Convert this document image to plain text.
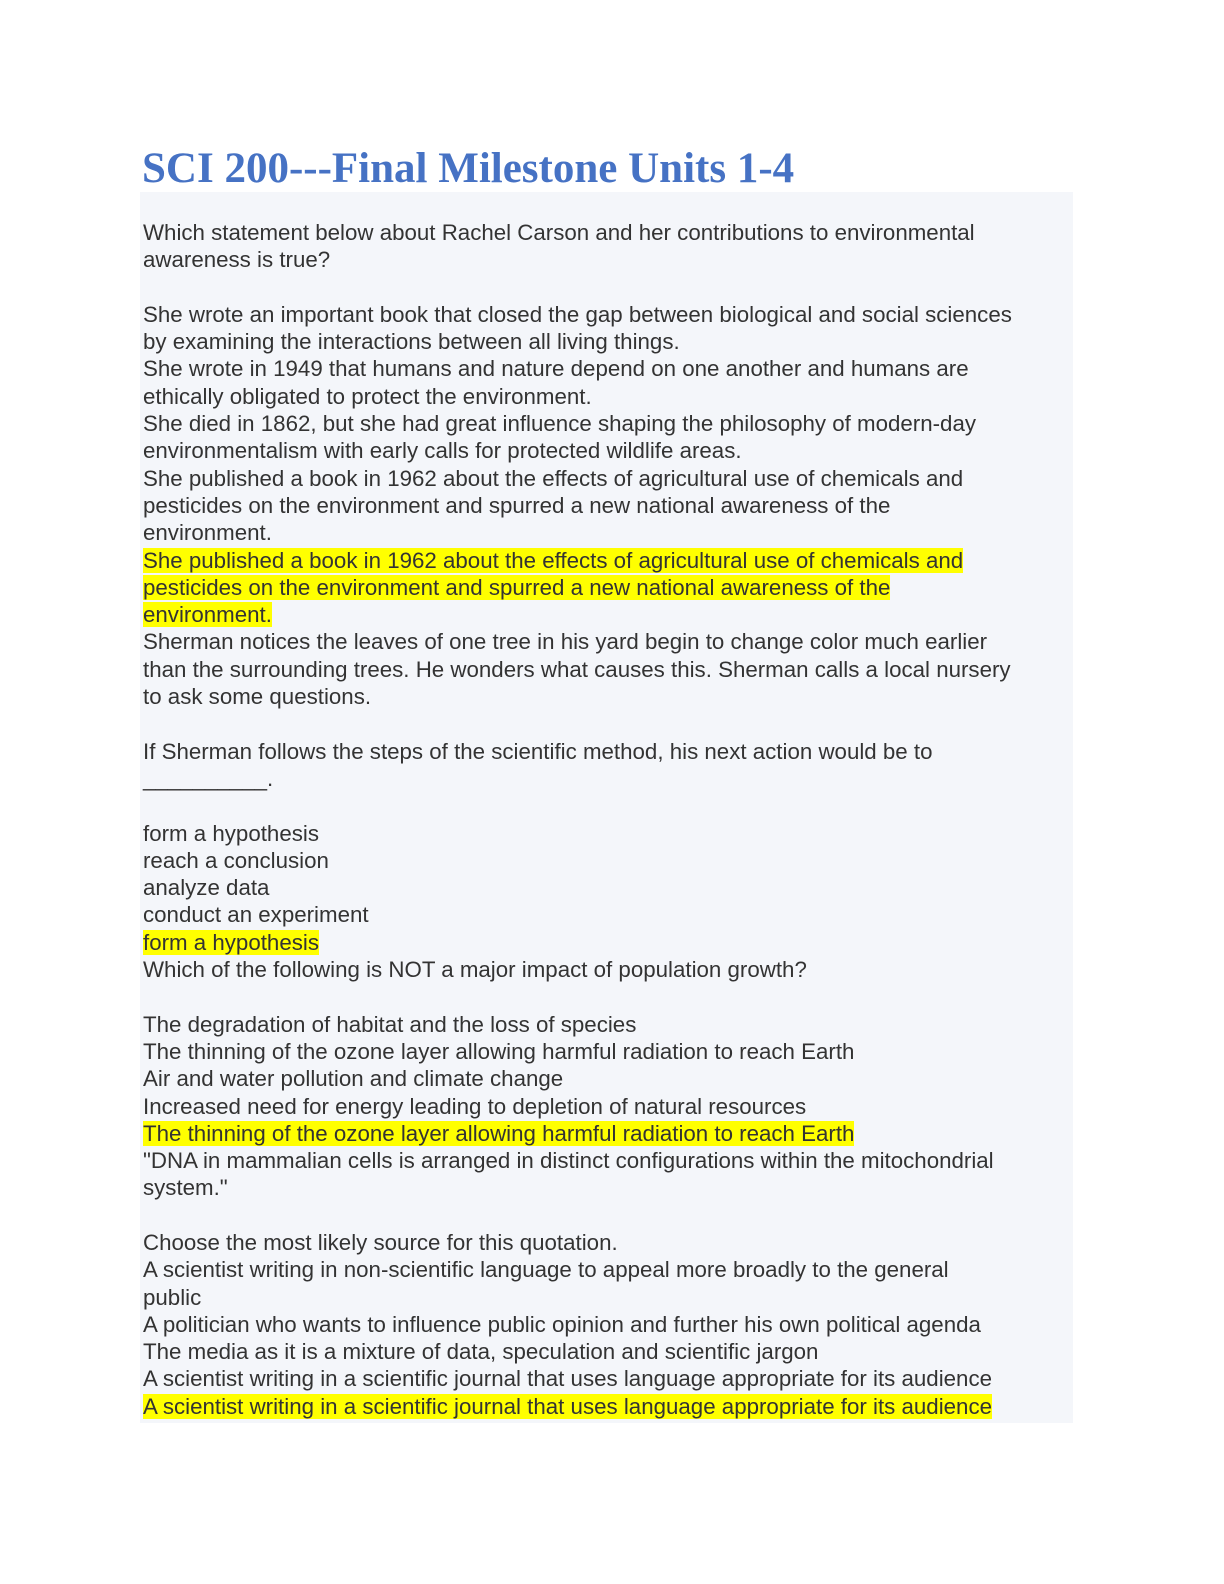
SCI 200---Final Milestone Units 1-4
Which statement below about Rachel Carson and her contributions to environmental
awareness is true?
She wrote an important book that closed the gap between biological and social sciences
by examining the interactions between all living things.
She wrote in 1949 that humans and nature depend on one another and humans are
ethically obligated to protect the environment.
She died in 1862, but she had great influence shaping the philosophy of modern-day
environmentalism with early calls for protected wildlife areas.
She published a book in 1962 about the effects of agricultural use of chemicals and
pesticides on the environment and spurred a new national awareness of the
environment.
She published a book in 1962 about the effects of agricultural use of chemicals and
pesticides on the environment and spurred a new national awareness of the
environment.
Sherman notices the leaves of one tree in his yard begin to change color much earlier
than the surrounding trees. He wonders what causes this. Sherman calls a local nursery
to ask some questions.
If Sherman follows the steps of the scientific method, his next action would be to
__________.
form a hypothesis
reach a conclusion
analyze data
conduct an experiment
form a hypothesis
Which of the following is NOT a major impact of population growth?
The degradation of habitat and the loss of species
The thinning of the ozone layer allowing harmful radiation to reach Earth
Air and water pollution and climate change
Increased need for energy leading to depletion of natural resources
The thinning of the ozone layer allowing harmful radiation to reach Earth
"DNA in mammalian cells is arranged in distinct configurations within the mitochondrial
system."
Choose the most likely source for this quotation.
A scientist writing in non-scientific language to appeal more broadly to the general
public
A politician who wants to influence public opinion and further his own political agenda
The media as it is a mixture of data, speculation and scientific jargon
A scientist writing in a scientific journal that uses language appropriate for its audience
A scientist writing in a scientific journal that uses language appropriate for its audience
